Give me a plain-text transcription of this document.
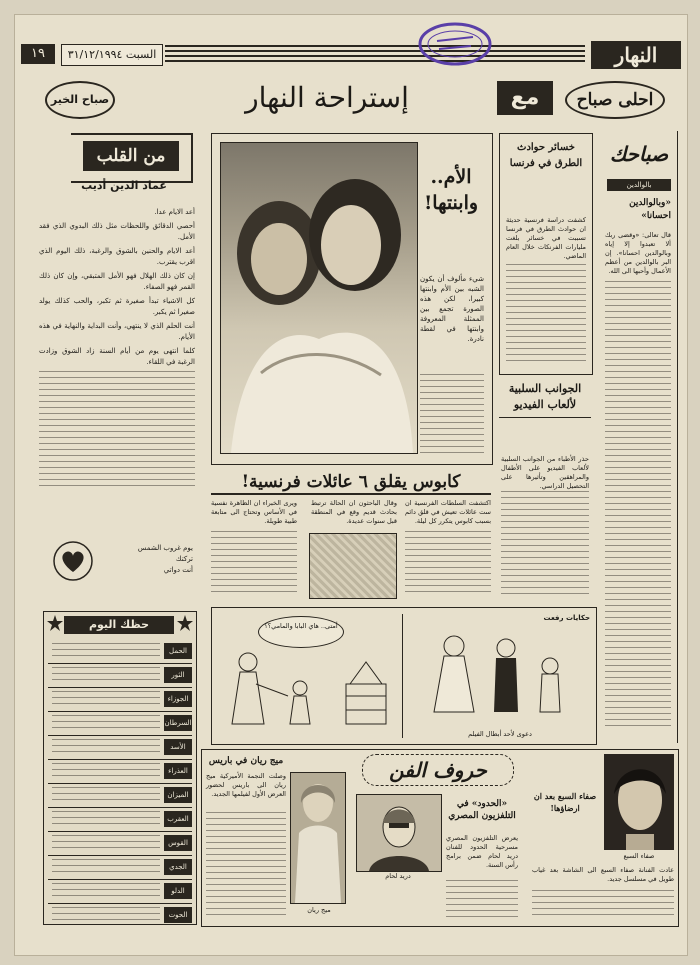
النهار
السبت ٣١/١٢/١٩٩٤
١٩
احلى صباح
مع
إستراحة النهار
صباح الخير
من القلب
عماد الدين أديب

أعد الايام عدا.

أحصي الدقائق واللحظات مثل ذلك البدوي الذي فقد الأمل.

أعد الايام والحنين بالشوق والرغبة، ذلك اليوم الذي اقرب يقترب.

إن كان ذلك الهلال فهو الأمل المتبقي، وإن كان ذلك القمر فهو الصفاء.

كل الاشياء تبدأ صغيرة ثم تكبر، والحب كذلك يولد صغيرا ثم يكبر.

أنت الحلم الذي لا ينتهي، وأنت البداية والنهاية في هذه الأيام.

كلما انتهى يوم من أيام السنة زاد الشوق وزادت الرغبة في اللقاء.

يوم غروب الشمس
تركتك
أنت دواتي
حظك اليوم
الحمل
الثور
الجوزاء
السرطان
الأسد
العذراء
الميزان
العقرب
القوس
الجدي
الدلو
الحوت
الأم.. وابنتها!
شيء مألوف أن يكون الشبه بين الأم وابنتها كبيرا، لكن هذه الصورة تجمع بين الممثلة المعروفة وابنتها في لقطة نادرة.
كابوس يقلق ٦ عائلات فرنسية!
اكتشفت السلطات الفرنسية ان ست عائلات تعيش في قلق دائم بسبب كابوس يتكرر كل ليلة.
وقال الباحثون ان الحالة ترتبط بحادث قديم وقع في المنطقة قبل سنوات عديدة.
ويرى الخبراء ان الظاهرة نفسية في الأساس وتحتاج الى متابعة طبية طويلة.
خسائر حوادث الطرق في فرنسا
كشفت دراسة فرنسية حديثة ان حوادث الطرق في فرنسا تسببت في خسائر بلغت مليارات الفرنكات خلال العام الماضي.
الجوانب السلبية لألعاب الفيديو
حذر الأطباء من الجوانب السلبية لألعاب الفيديو على الأطفال والمراهقين وتأثيرها على التحصيل الدراسي.
صباحك
بالوالدين
«وبالوالدين احسانا»
قال تعالى: «وقضى ربك ألا تعبدوا إلا إياه وبالوالدين احسانا». إن البر بالوالدين من أعظم الأعمال وأحبها الى الله.
أمتى.. هاي البابا والمامي؟؟
حكايات رفعت
دعوى لأحد أبطال الفيلم
صفاء السبع بعد ان ارضاؤها!
صفاء السبع
عادت الفنانة صفاء السبع الى الشاشة بعد غياب طويل في مسلسل جديد.
حروف الفن
«الحدود» في التلفزيون المصري
دريد لحام
يعرض التلفزيون المصري مسرحية الحدود للفنان دريد لحام ضمن برامج رأس السنة.
ميج ريان في باريس
وصلت النجمة الأميركية ميج ريان الى باريس لحضور العرض الأول لفيلمها الجديد.
ميج ريان
